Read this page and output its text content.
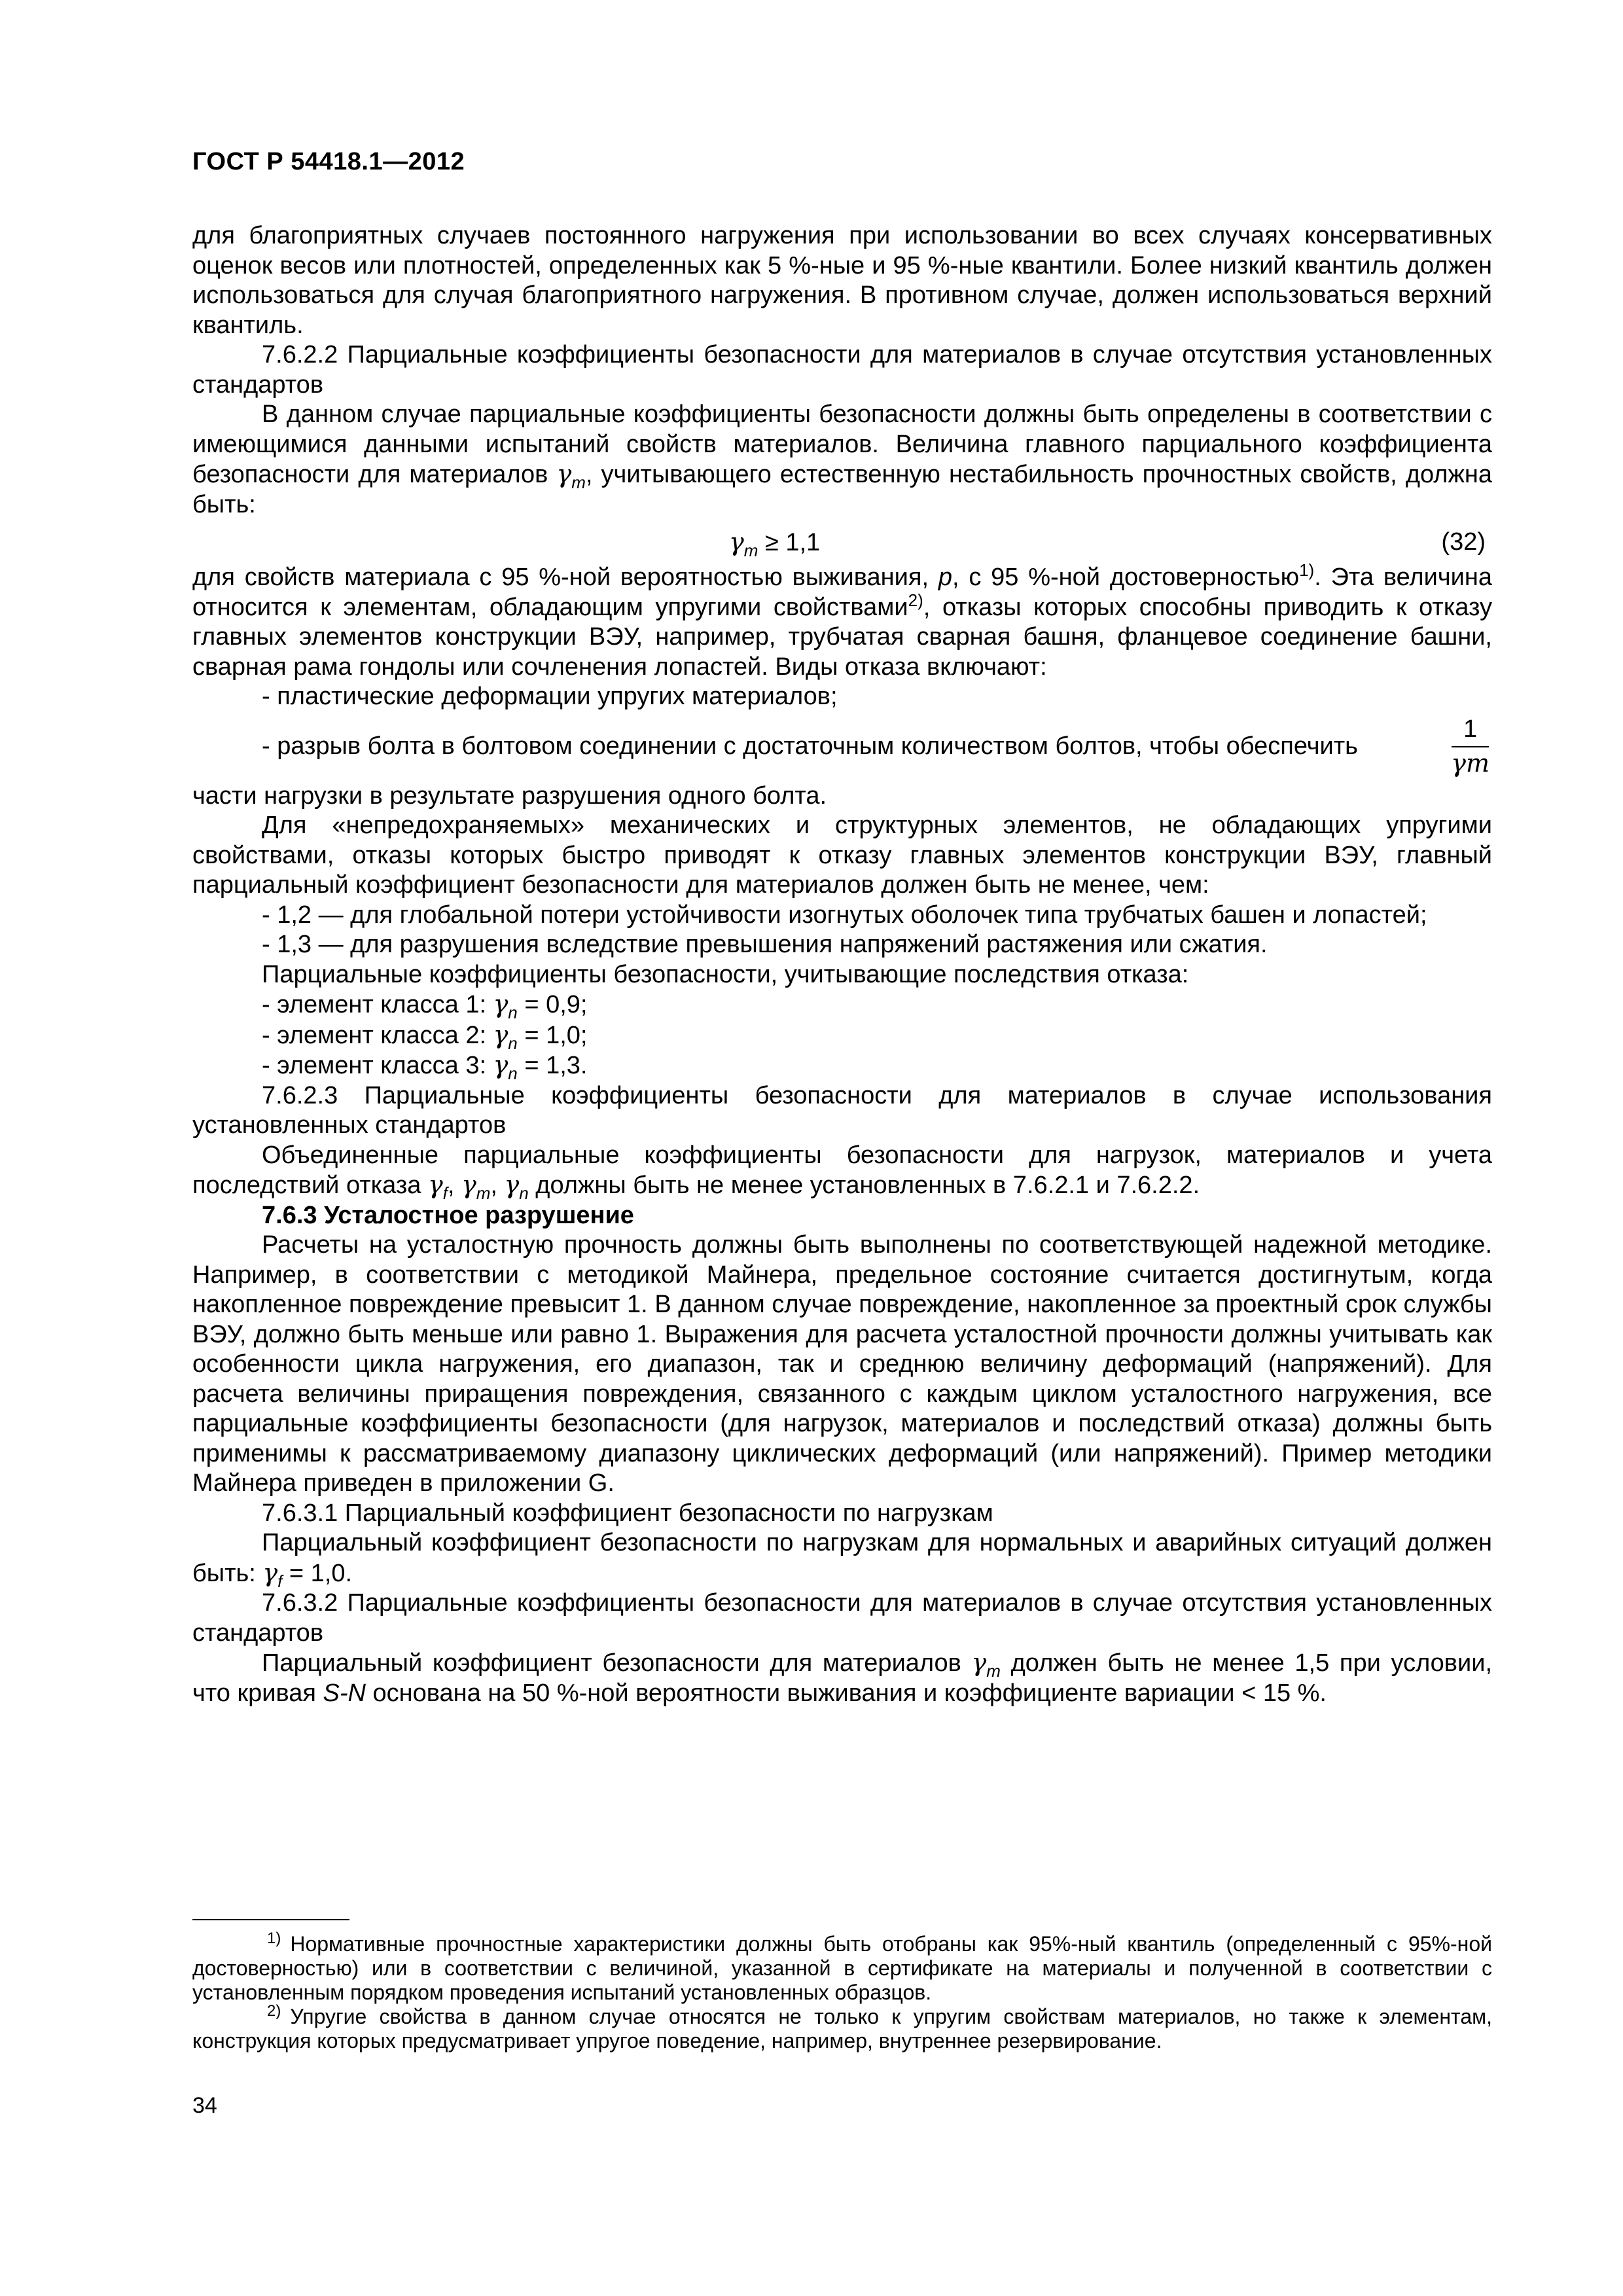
ГОСТ Р 54418.1—2012

для благоприятных случаев постоянного нагружения при использовании во всех случаях консервативных оценок весов или плотностей, определенных как 5 %-ные и 95 %-ные квантили. Более низкий квантиль должен использоваться для случая благоприятного нагружения. В противном случае, должен использоваться верхний квантиль.

7.6.2.2 Парциальные коэффициенты безопасности для материалов в случае отсутствия установленных стандартов

В данном случае парциальные коэффициенты безопасности должны быть определены в соответствии с имеющимися данными испытаний свойств материалов. Величина главного парциального коэффициента безопасности для материалов $\gamma_m$, учитывающего естественную нестабильность прочностных свойств, должна быть:

$\gamma_m \ge 1,1$	(32)

для свойств материала с 95 %-ной вероятностью выживания, p, с 95 %-ной достоверностью$^{1)}$. Эта величина относится к элементам, обладающим упругими свойствами$^{2)}$, отказы которых способны приводить к отказу главных элементов конструкции ВЭУ, например, трубчатая сварная башня, фланцевое соединение башни, сварная рама гондолы или сочленения лопастей. Виды отказа включают:

- пластические деформации упругих материалов;

- разрыв болта в болтовом соединении с достаточным количеством болтов, чтобы обеспечить	$\frac{1}{\gamma m}$

части нагрузки в результате разрушения одного болта.

Для «непредохраняемых» механических и структурных элементов, не обладающих упругими свойствами, отказы которых быстро приводят к отказу главных элементов конструкции ВЭУ, главный парциальный коэффициент безопасности для материалов должен быть не менее, чем:

- 1,2 — для глобальной потери устойчивости изогнутых оболочек типа трубчатых башен и лопастей;

- 1,3 — для разрушения вследствие превышения напряжений растяжения или сжатия.

Парциальные коэффициенты безопасности, учитывающие последствия отказа:

- элемент класса 1: $\gamma_n = 0,9$;

- элемент класса 2: $\gamma_n = 1,0$;

- элемент класса 3: $\gamma_n = 1,3$.

7.6.2.3 Парциальные коэффициенты безопасности для материалов в случае использования установленных стандартов

Объединенные парциальные коэффициенты безопасности для нагрузок, материалов и учета последствий отказа $\gamma_f$, $\gamma_m$, $\gamma_n$ должны быть не менее установленных в 7.6.2.1 и 7.6.2.2.

7.6.3 Усталостное разрушение

Расчеты на усталостную прочность должны быть выполнены по соответствующей надежной методике. Например, в соответствии с методикой Майнера, предельное состояние считается достигнутым, когда накопленное повреждение превысит 1. В данном случае повреждение, накопленное за проектный срок службы ВЭУ, должно быть меньше или равно 1. Выражения для расчета усталостной прочности должны учитывать как особенности цикла нагружения, его диапазон, так и среднюю величину деформаций (напряжений). Для расчета величины приращения повреждения, связанного с каждым циклом усталостного нагружения, все парциальные коэффициенты безопасности (для нагрузок, материалов и последствий отказа) должны быть применимы к рассматриваемому диапазону циклических деформаций (или напряжений). Пример методики Майнера приведен в приложении G.

7.6.3.1 Парциальный коэффициент безопасности по нагрузкам

Парциальный коэффициент безопасности по нагрузкам для нормальных и аварийных ситуаций должен быть: $\gamma_f = 1,0$.

7.6.3.2 Парциальные коэффициенты безопасности для материалов в случае отсутствия установленных стандартов

Парциальный коэффициент безопасности для материалов $\gamma_m$ должен быть не менее 1,5 при условии, что кривая S-N основана на 50 %-ной вероятности выживания и коэффициенте вариации < 15 %.

$^{1)}$ Нормативные прочностные характеристики должны быть отобраны как 95%-ный квантиль (определенный с 95%-ной достоверностью) или в соответствии с величиной, указанной в сертификате на материалы и полученной в соответствии с установленным порядком проведения испытаний установленных образцов.

$^{2)}$ Упругие свойства в данном случае относятся не только к упругим свойствам материалов, но также к элементам, конструкция которых предусматривает упругое поведение, например, внутреннее резервирование.

34
